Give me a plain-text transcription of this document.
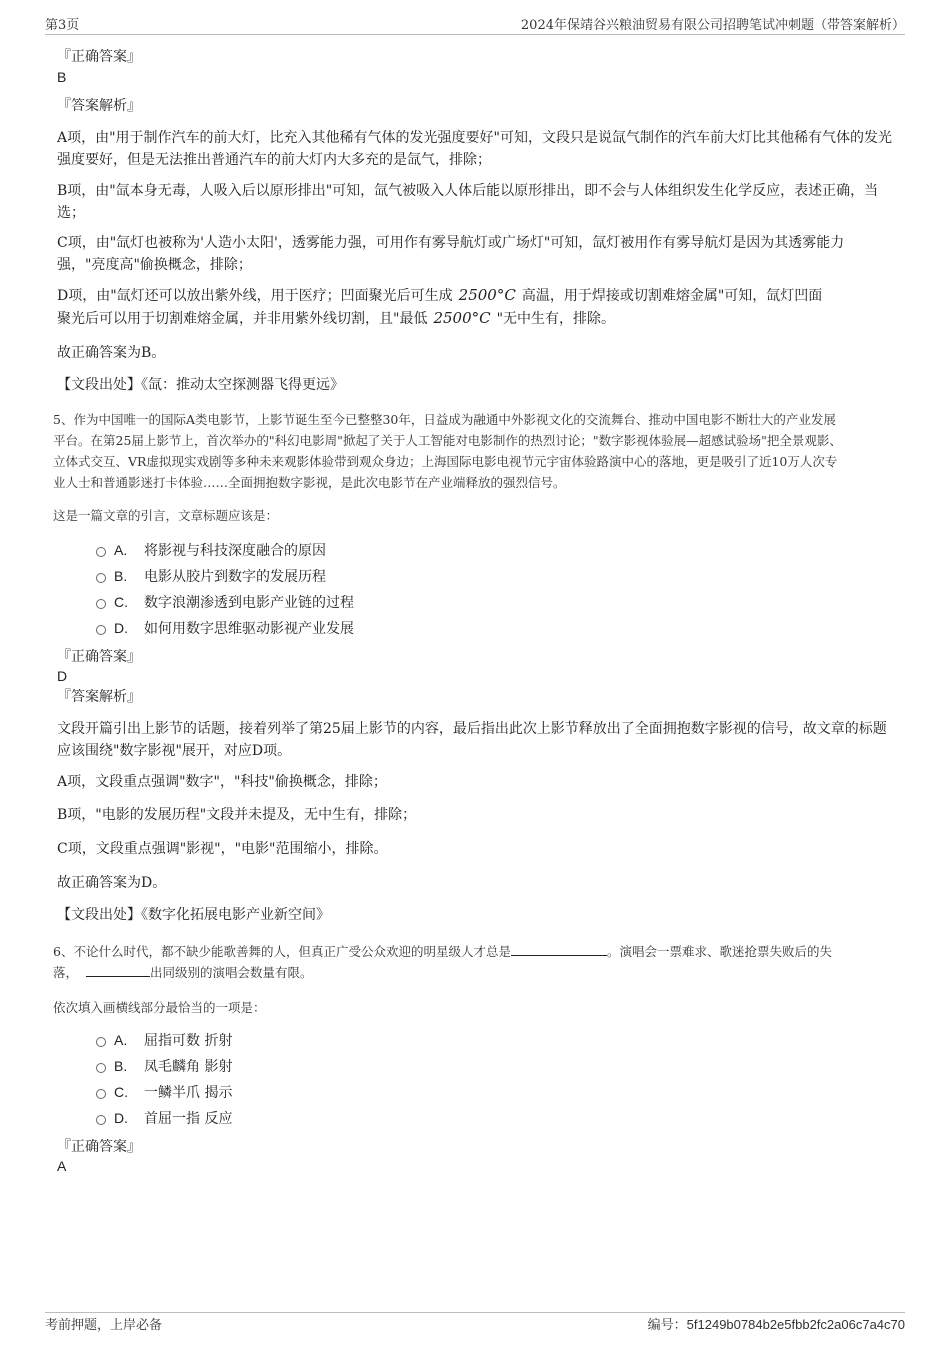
第3页	2024年保靖谷兴粮油贸易有限公司招聘笔试冲刺题（带答案解析）
『正确答案』
B
『答案解析』
A项，由"用于制作汽车的前大灯，比充入其他稀有气体的发光强度要好"可知，文段只是说氙气制作的汽车前大灯比其他稀有气体的发光强度要好，但是无法推出普通汽车的前大灯内大多充的是氙气，排除；
B项，由"氙本身无毒，人吸入后以原形排出"可知，氙气被吸入人体后能以原形排出，即不会与人体组织发生化学反应，表述正确，当选；
C项，由"氙灯也被称为'人造小太阳'，透雾能力强，可用作有雾导航灯或广场灯"可知，氙灯被用作有雾导航灯是因为其透雾能力强，"亮度高"偷换概念，排除；
D项，由"氙灯还可以放出紫外线，用于医疗；凹面聚光后可生成 2500°C 高温，用于焊接或切割难熔金属"可知，氙灯凹面
聚光后可以用于切割难熔金属，并非用紫外线切割，且"最低 2500°C "无中生有，排除。
故正确答案为B。
【文段出处】《氙：推动太空探测器飞得更远》
5、作为中国唯一的国际A类电影节，上影节诞生至今已整整30年，日益成为融通中外影视文化的交流舞台、推动中国电影不断壮大的产业发展
平台。在第25届上影节上，首次举办的"科幻电影周"掀起了关于人工智能对电影制作的热烈讨论；"数字影视体验展—超感试验场"把全景观影、
立体式交互、VR虚拟现实戏剧等多种未来观影体验带到观众身边；上海国际电影电视节元宇宙体验路演中心的落地，更是吸引了近10万人次专
业人士和普通影迷打卡体验……全面拥抱数字影视，是此次电影节在产业端释放的强烈信号。
这是一篇文章的引言，文章标题应该是：
A. 将影视与科技深度融合的原因
B. 电影从胶片到数字的发展历程
C. 数字浪潮渗透到电影产业链的过程
D. 如何用数字思维驱动影视产业发展
『正确答案』
D
『答案解析』
文段开篇引出上影节的话题，接着列举了第25届上影节的内容，最后指出此次上影节释放出了全面拥抱数字影视的信号，故文章的标题应该围绕"数字影视"展开，对应D项。
A项，文段重点强调"数字"，"科技"偷换概念，排除；
B项，"电影的发展历程"文段并未提及，无中生有，排除；
C项，文段重点强调"影视"，"电影"范围缩小，排除。
故正确答案为D。
【文段出处】《数字化拓展电影产业新空间》
6、不论什么时代，都不缺少能歌善舞的人，但真正广受公众欢迎的明星级人才总是	。演唱会一票难求、歌迷抢票失败后的失
落，	出同级别的演唱会数量有限。
依次填入画横线部分最恰当的一项是：
A. 屈指可数 折射
B. 凤毛麟角 影射
C. 一鳞半爪 揭示
D. 首屈一指 反应
『正确答案』
A
考前押题，上岸必备	编号：5f1249b0784b2e5fbb2fc2a06c7a4c70
